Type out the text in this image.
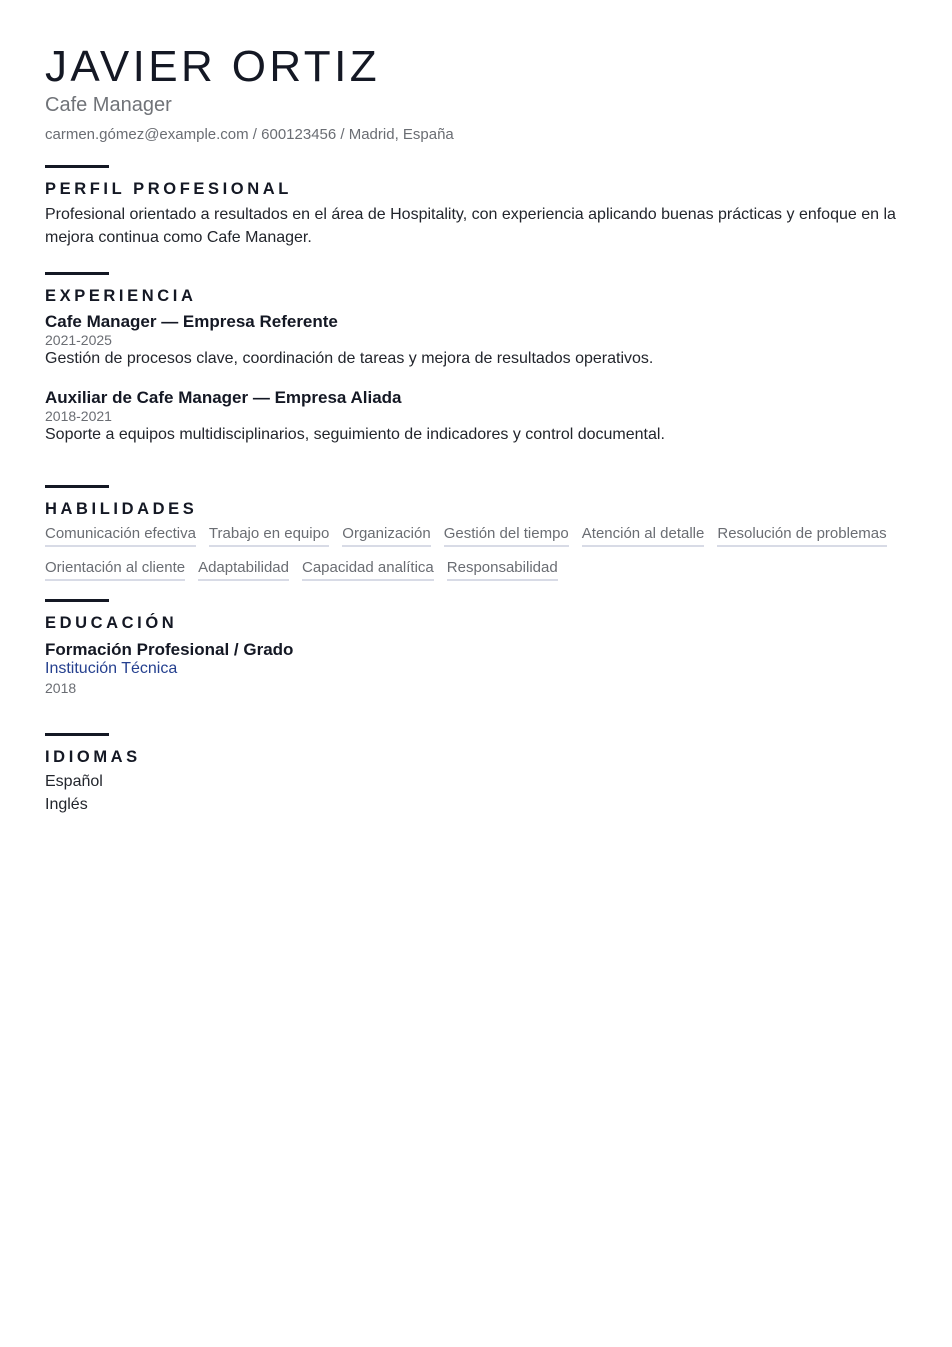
JAVIER ORTIZ
Cafe Manager
carmen.gómez@example.com / 600123456 / Madrid, España
PERFIL PROFESIONAL
Profesional orientado a resultados en el área de Hospitality, con experiencia aplicando buenas prácticas y enfoque en la mejora continua como Cafe Manager.
EXPERIENCIA
Cafe Manager — Empresa Referente
2021-2025
Gestión de procesos clave, coordinación de tareas y mejora de resultados operativos.
Auxiliar de Cafe Manager — Empresa Aliada
2018-2021
Soporte a equipos multidisciplinarios, seguimiento de indicadores y control documental.
HABILIDADES
Comunicación efectiva Trabajo en equipo Organización Gestión del tiempo Atención al detalle Resolución de problemas
Orientación al cliente Adaptabilidad Capacidad analítica Responsabilidad
EDUCACIÓN
Formación Profesional / Grado
Institución Técnica
2018
IDIOMAS
Español
Inglés
